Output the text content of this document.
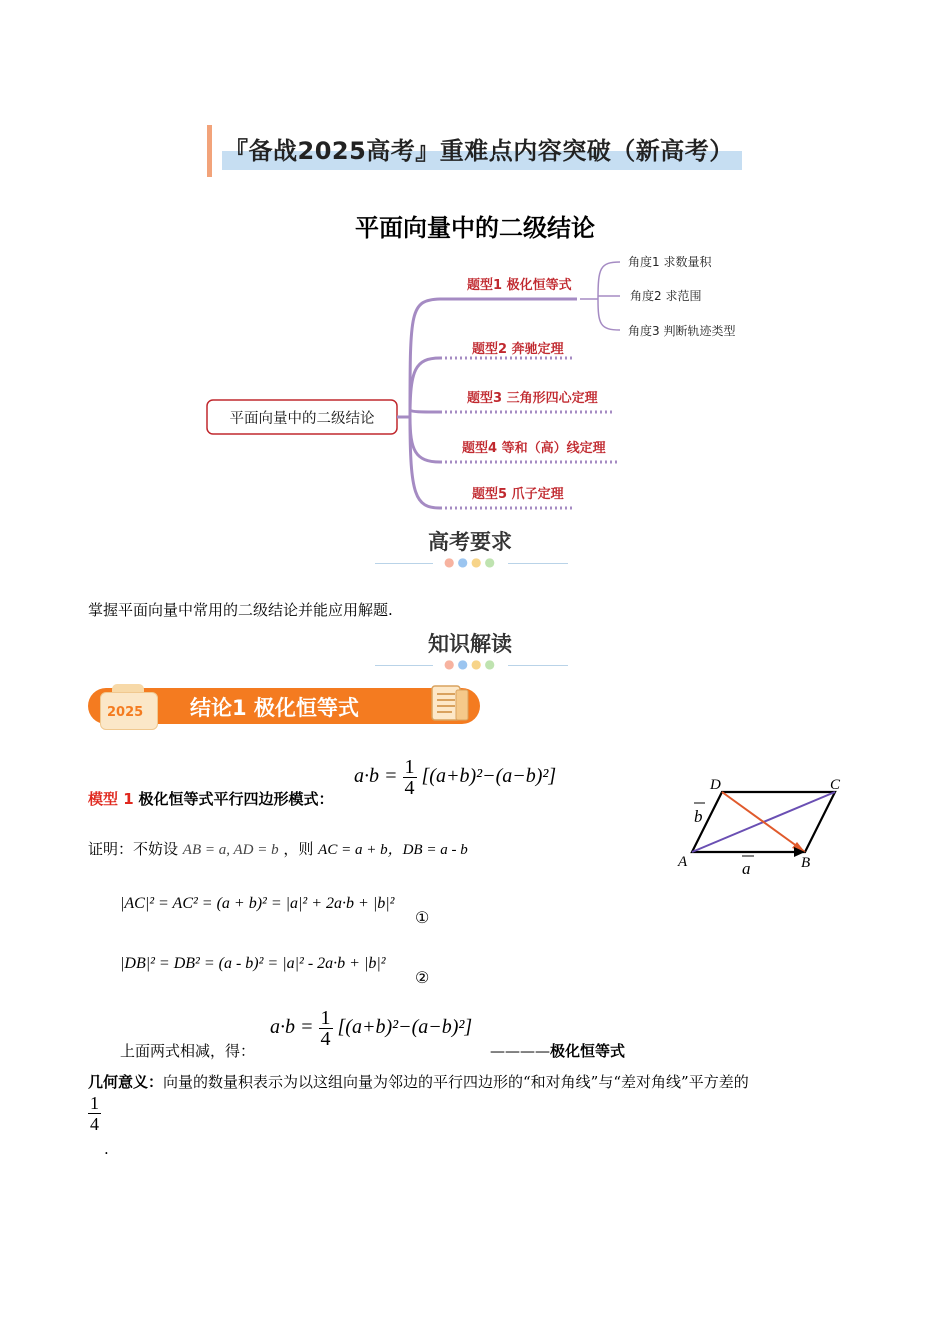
『备战2025高考』重难点内容突破（新高考）
平面向量中的二级结论
平面向量中的二级结论
题型1 极化恒等式
题型2 奔驰定理
题型3 三角形四心定理
题型4 等和（高）线定理
题型5 爪子定理
角度1 求数量积
角度2 求范围
角度3 判断轨迹类型
高考要求
●●●●
掌握平面向量中常用的二级结论并能应用解题.
知识解读
●●●●
2025 结论1 极化恒等式
模型 1 极化恒等式平行四边形模式：
$a\cdot b = \frac{1}{4} [(a+b)^2-(a-b)^2]$
A	B
C
D
a
b
证明：不妨设 AB = a, AD = b ，则 AC = a + b，DB = a - b
|AC|² = AC² = (a + b)² = |a|² + 2a·b + |b|²
①
|DB|² = DB² = (a - b)² = |a|² - 2a·b + |b|²
②
上面两式相减，得：
$a\cdot b = \frac{1}{4} [(a+b)^2-(a-b)^2]$
————极化恒等式
几何意义：向量的数量积表示为以这组向量为邻边的平行四边形的“和对角线”与“差对角线”平方差的
$\frac{1}{4}$
.
